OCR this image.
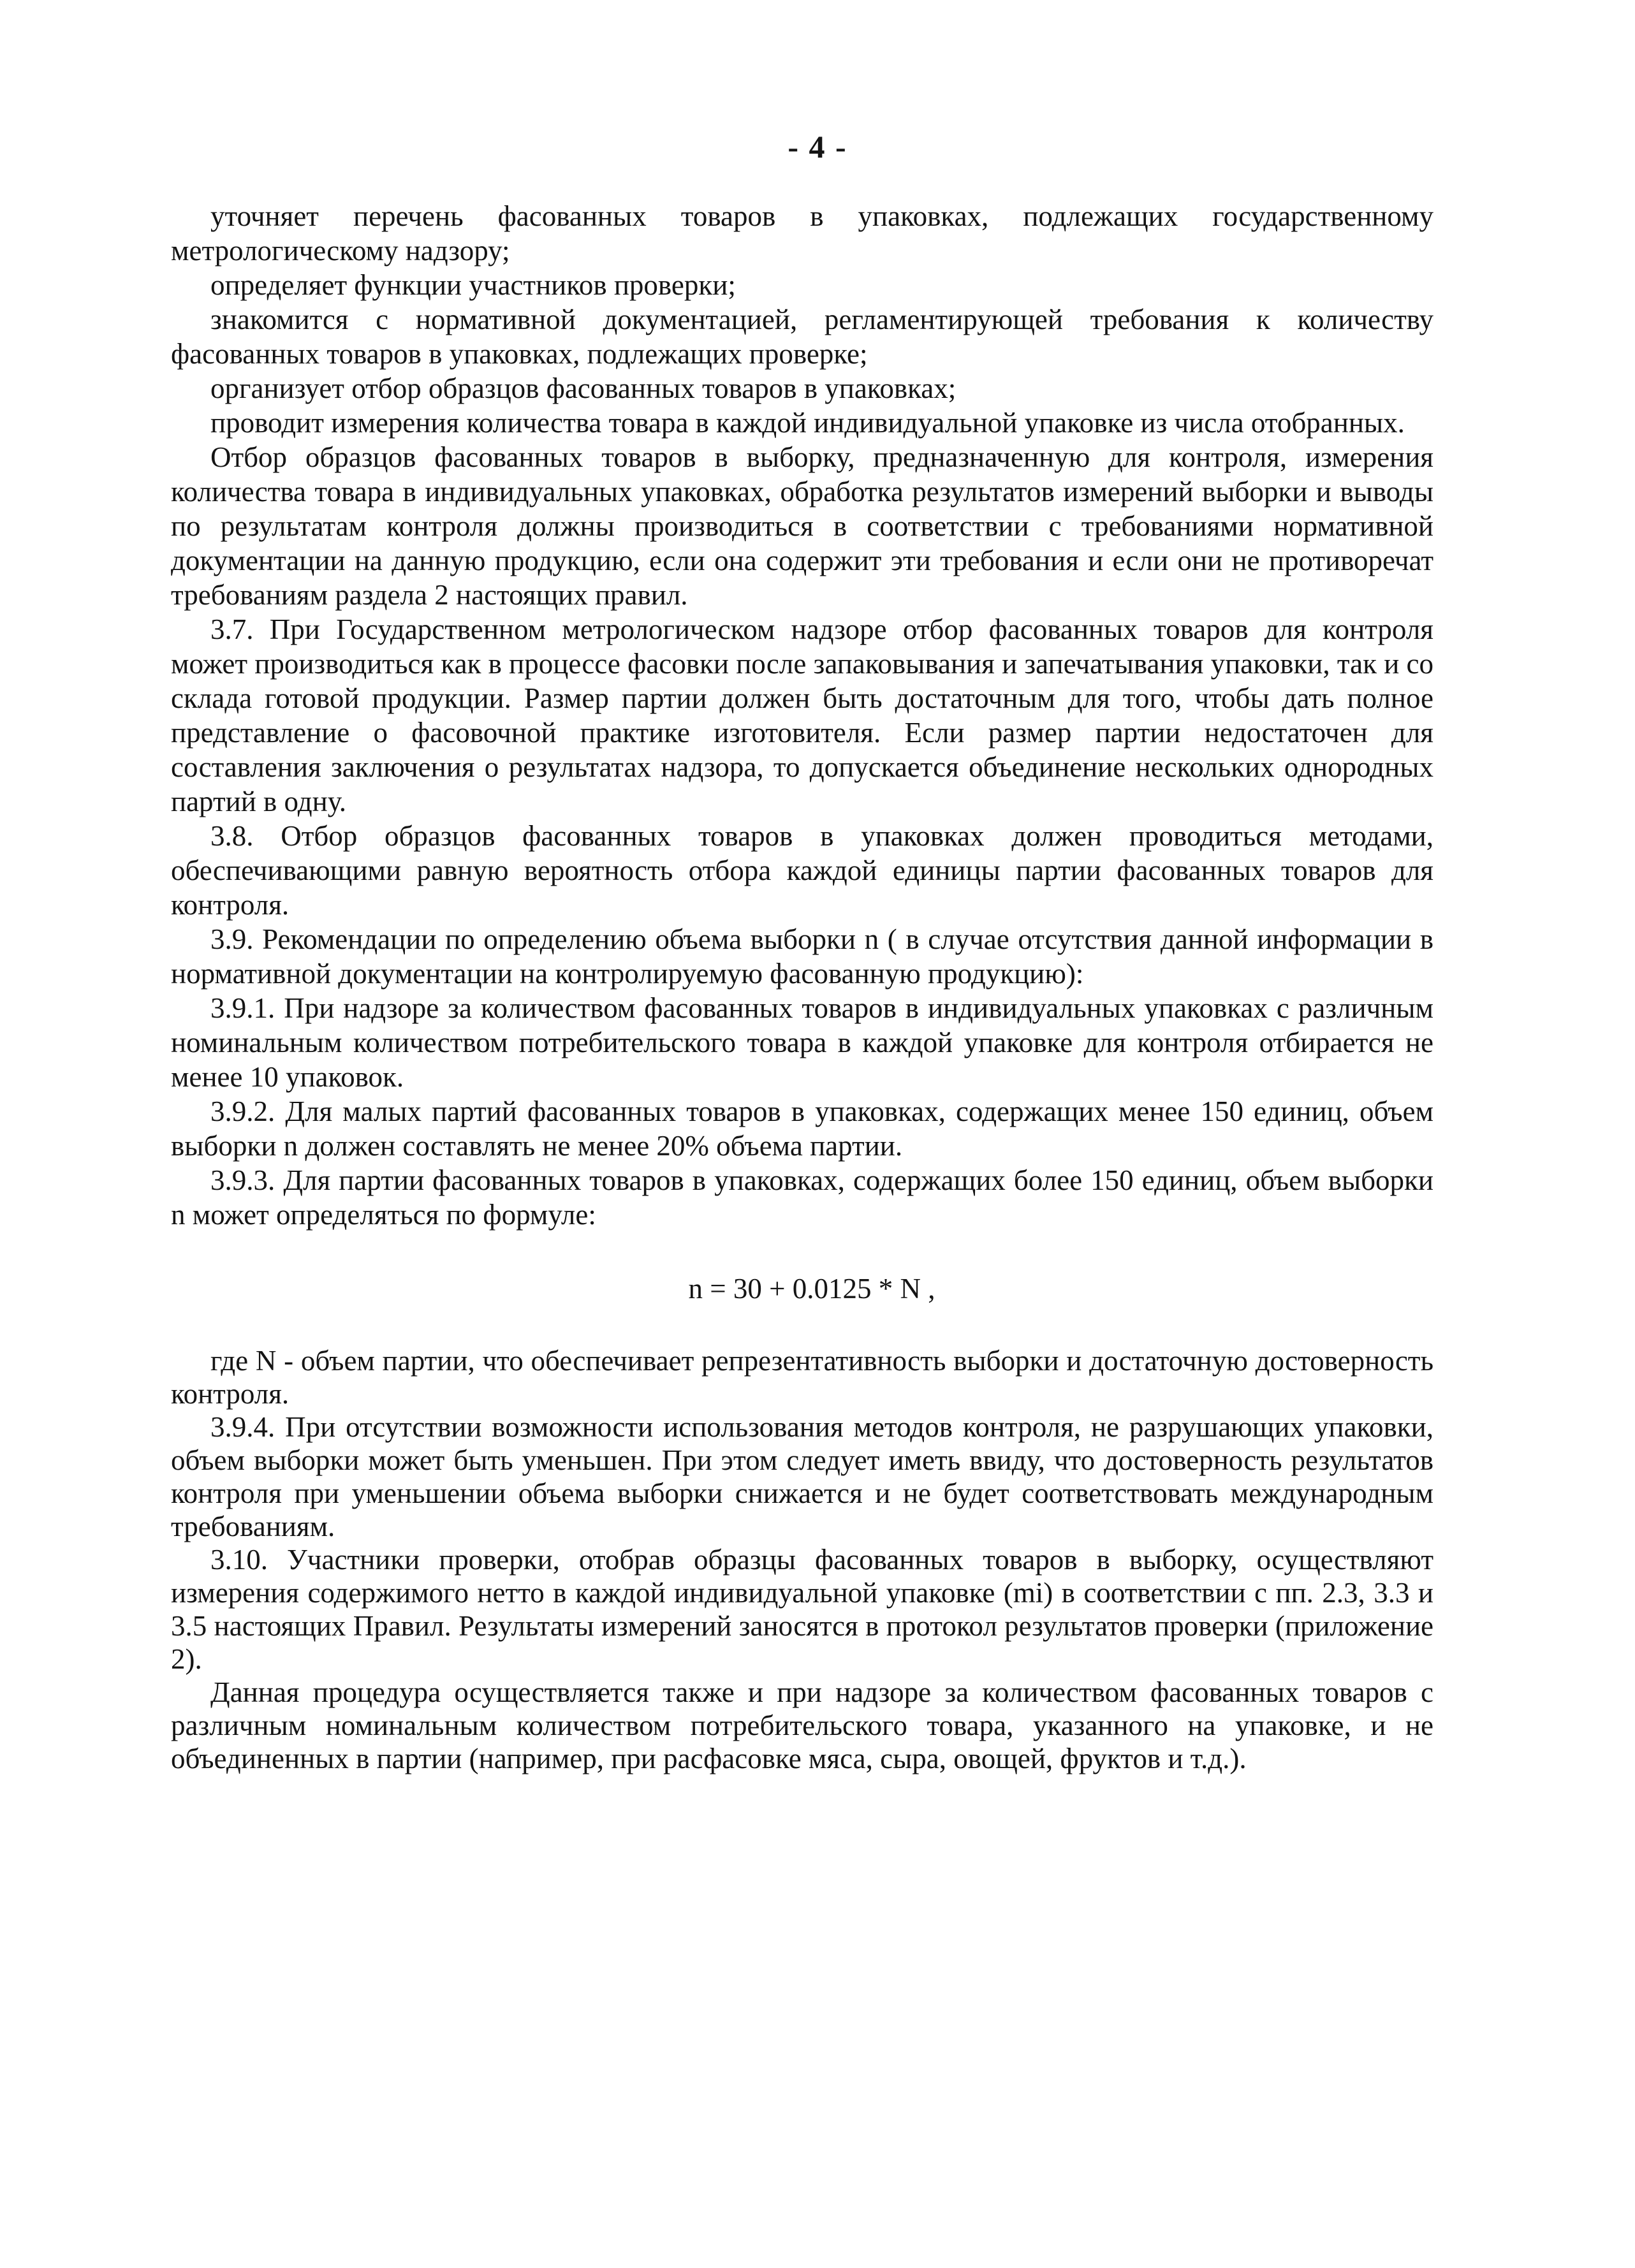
- 4 -

уточняет перечень фасованных товаров в упаковках, подлежащих государственному метрологическому надзору;

определяет функции участников проверки;

знакомится с нормативной документацией, регламентирующей требования к количеству фасованных товаров в упаковках, подлежащих проверке;

организует отбор образцов фасованных товаров в упаковках;

проводит измерения количества товара в каждой индивидуальной упаковке из числа отобранных.

Отбор образцов фасованных товаров в выборку, предназначенную для контроля, измерения количества товара в индивидуальных упаковках, обработка результатов измерений выборки и выводы по результатам контроля должны производиться в соответствии с требованиями нормативной документации на данную продукцию, если она содержит эти требования и если они не противоречат требованиям раздела 2 настоящих правил.

3.7. При Государственном метрологическом надзоре отбор фасованных товаров для контроля может производиться как в процессе фасовки после запаковывания и запечатывания упаковки, так и со склада готовой продукции. Размер партии должен быть достаточным для того, чтобы дать полное представление о фасовочной практике изготовителя. Если размер партии недостаточен для составления заключения о результатах надзора, то допускается объединение нескольких однородных партий в одну.

3.8. Отбор образцов фасованных товаров в упаковках должен проводиться методами, обеспечивающими равную вероятность отбора каждой единицы партии фасованных товаров для контроля.

3.9. Рекомендации по определению объема выборки n ( в случае отсутствия данной информации в нормативной документации на контролируемую фасованную продукцию):

3.9.1. При надзоре за количеством фасованных товаров в индивидуальных упаковках с различным номинальным количеством потребительского товара в каждой упаковке для контроля отбирается не менее 10 упаковок.

3.9.2. Для малых партий фасованных товаров в упаковках, содержащих менее 150 единиц, объем выборки n должен составлять не менее 20% объема партии.

3.9.3. Для партии фасованных товаров в упаковках, содержащих более 150 единиц, объем выборки n может определяться по формуле:

n = 30 + 0.0125 * N ,

где N - объем партии, что обеспечивает репрезентативность выборки и достаточную достоверность контроля.

3.9.4. При отсутствии возможности использования методов контроля, не разрушающих упаковки, объем выборки может быть уменьшен. При этом следует иметь ввиду, что достоверность результатов контроля при уменьшении объема выборки снижается и не будет соответствовать международным требованиям.

3.10. Участники проверки, отобрав образцы фасованных товаров в выборку, осуществляют измерения содержимого нетто в каждой индивидуальной упаковке (mi) в соответствии с пп. 2.3, 3.3 и 3.5 настоящих Правил. Результаты измерений заносятся в протокол результатов проверки (приложение 2).

Данная процедура осуществляется также и при надзоре за количеством фасованных товаров с различным номинальным количеством потребительского товара, указанного на упаковке, и не объединенных в партии (например, при расфасовке мяса, сыра, овощей, фруктов и т.д.).
